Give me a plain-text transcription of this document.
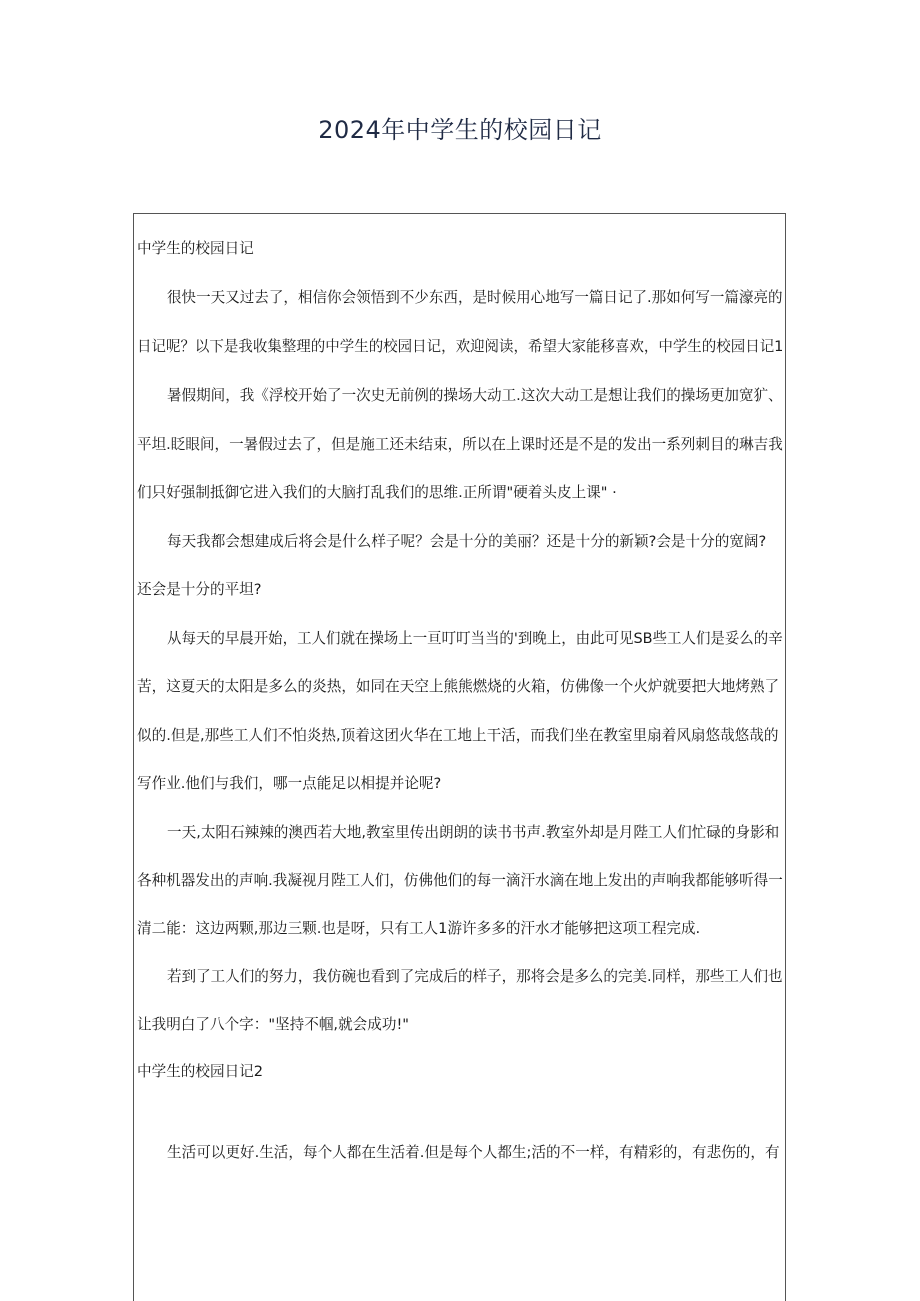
2024年中学生的校园日记
中学生的校园日记
很快一天又过去了，相信你会领悟到不少东西，是时候用心地写一篇日记了.那如何写一篇濠亮的
日记呢？以下是我收集整理的中学生的校园日记，欢迎阅读，希望大家能移喜欢，中学生的校园日记1
暑假期间，我《浮校开始了一次史无前例的操场大动工.这次大动工是想让我们的操场更加宽犷、
平坦.眨眼间，一暑假过去了，但是施工还未结束，所以在上课时还是不是的发出一系列刺目的琳吉我
们只好强制抵御它进入我们的大脑打乱我们的思维.正所谓"硬着头皮上课" ·
每天我都会想建成后将会是什么样子呢？会是十分的美丽？还是十分的新颖?会是十分的宽阔?
还会是十分的平坦?
从每天的早晨开始，工人们就在操场上一亘叮叮当当的'到晚上，由此可见SB些工人们是妥么的辛
苦，这夏天的太阳是多么的炎热，如同在天空上熊熊燃烧的火箱，仿佛像一个火炉就要把大地烤熟了
似的.但是,那些工人们不怕炎热,顶着这团火华在工地上干活，而我们坐在教室里扇着风扇悠哉悠哉的
写作业.他们与我们，哪一点能足以相提并论呢?
一天,太阳石辣辣的澳西若大地,教室里传出朗朗的读书书声.教室外却是月陛工人们忙碌的身影和
各种机器发出的声响.我凝视月陛工人们，仿佛他们的每一滴汗水滴在地上发出的声响我都能够听得一
清二能：这边两颗,那边三颗.也是呀，只有工人1游许多多的汗水才能够把这项工程完成.
若到了工人们的努力，我仿碗也看到了完成后的样子，那将会是多么的完美.同样，那些工人们也
让我明白了八个字："坚持不帼,就会成功!"
中学生的校园日记2
生活可以更好.生活，每个人都在生活着.但是每个人都生;活的不一样，有精彩的，有悲伤的，有
